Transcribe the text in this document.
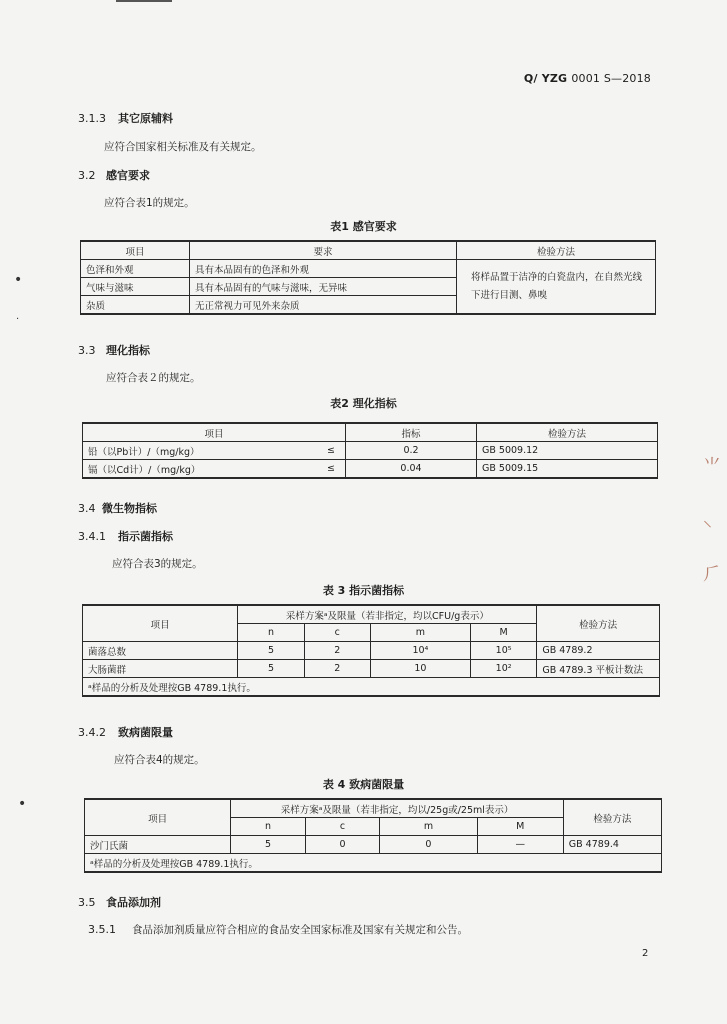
Q/ YZG 0001 S—2018
3.1.3 其它原辅料
应符合国家相关标准及有关规定。
3.2 感官要求
应符合表1的规定。
表1 感官要求
项目	要求	检验方法
色泽和外观	具有本品固有的色泽和外观	将样品置于洁净的白瓷盘内，在自然光线下进行目测、鼻嗅
气味与滋味	具有本品固有的气味与滋味，无异味	
杂质	无正常视力可见外来杂质	
3.3 理化指标
应符合表２的规定。
表2 理化指标
项目		指标	检验方法
铅（以Pb计）/（mg/kg）	≤	0.2	GB 5009.12
镉（以Cd计）/（mg/kg）	≤	0.04	GB 5009.15
3.4 微生物指标
3.4.1 指示菌指标
应符合表3的规定。
表 3 指示菌指标
项目	采样方案ᵃ及限量（若非指定，均以CFU/g表示）				检验方法
	n	c	m	M	
菌落总数	5	2	10⁴	10⁵	GB 4789.2
大肠菌群	5	2	10	10²	GB 4789.3 平板计数法
ᵃ样品的分析及处理按GB 4789.1执行。					
3.4.2 致病菌限量
应符合表4的规定。
表 4 致病菌限量
项目	采样方案ᵃ及限量（若非指定，均以/25g或/25ml表示）				检验方法
	n	c	m	M	
沙门氏菌	5	0	0	—	GB 4789.4
ᵃ样品的分析及处理按GB 4789.1执行。					
3.5 食品添加剂
3.5.1 食品添加剂质量应符合相应的食品安全国家标准及国家有关规定和公告。
2
•
·
•
⺌
⸜
⺁
